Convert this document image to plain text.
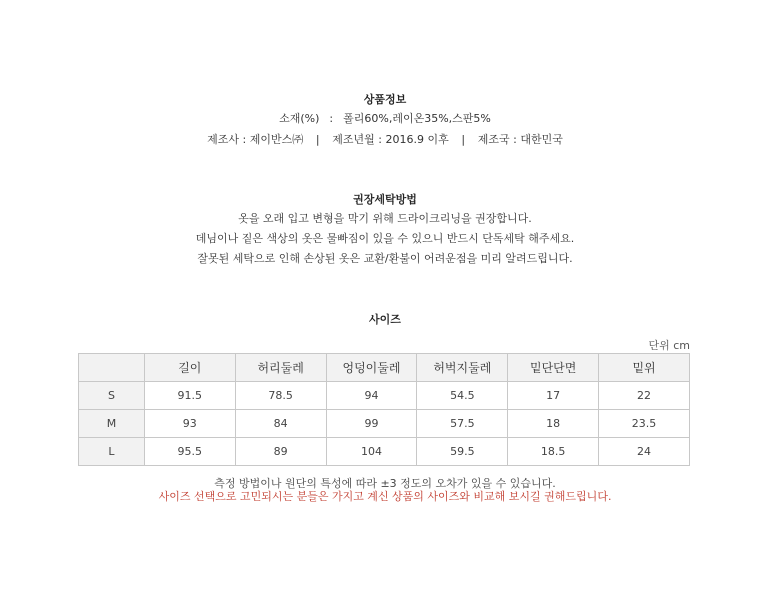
상품정보
소재(%) : 폴리60%,레이온35%,스판5%
제조사 : 제이반스㈜ | 제조년월 : 2016.9 이후 | 제조국 : 대한민국
권장세탁방법
옷을 오래 입고 변형을 막기 위해 드라이크리닝을 권장합니다.
데님이나 짙은 색상의 옷은 물빠짐이 있을 수 있으니 반드시 단독세탁 해주세요.
잘못된 세탁으로 인해 손상된 옷은 교환/환불이 어려운점을 미리 알려드립니다.
사이즈
단위 cm
	길이	허리둘레	엉덩이둘레	허벅지둘레	밑단단면	밑위
S	91.5	78.5	94	54.5	17	22
M	93	84	99	57.5	18	23.5
L	95.5	89	104	59.5	18.5	24
측정 방법이나 원단의 특성에 따라 ±3 정도의 오차가 있을 수 있습니다.
사이즈 선택으로 고민되시는 분들은 가지고 계신 상품의 사이즈와 비교해 보시길 권해드립니다.
